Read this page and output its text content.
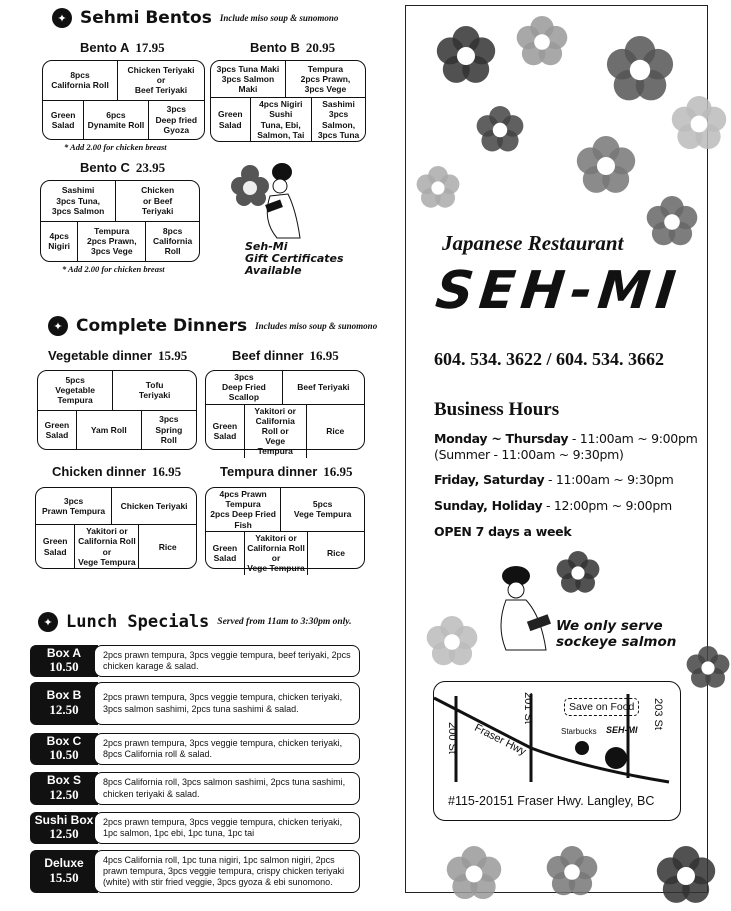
✦ Sehmi Bentos Include miso soup & sunomono
Bento A 17.95
8pcs
California Roll
Chicken Teriyaki
or
Beef Teriyaki
Green
Salad
6pcs
Dynamite Roll
3pcs
Deep fried
Gyoza
* Add 2.00 for chicken breast
Bento B 20.95
3pcs Tuna Maki
3pcs Salmon Maki
Tempura
2pcs Prawn,
3pcs Vege
Green
Salad
4pcs Nigiri Sushi
Tuna, Ebi,
Salmon, Tai
Sashimi
3pcs Salmon,
3pcs Tuna
Bento C 23.95
Sashimi
3pcs Tuna,
3pcs Salmon
Chicken
or Beef
Teriyaki
4pcs
Nigiri
Tempura
2pcs Prawn,
3pcs Vege
8pcs
California
Roll
* Add 2.00 for chicken breast
Seh-Mi
Gift Certificates
Available
✦ Complete Dinners Includes miso soup & sunomono
Vegetable dinner 15.95
5pcs
Vegetable
Tempura
Tofu
Teriyaki
Green
Salad
Yam Roll
3pcs
Spring
Roll
Beef dinner 16.95
3pcs
Deep Fried
Scallop
Beef Teriyaki
Green
Salad
Yakitori or
California Roll or
Vege Tempura
Rice
Chicken dinner 16.95
3pcs
Prawn Tempura
Chicken Teriyaki
Green
Salad
Yakitori or
California Roll or
Vege Tempura
Rice
Tempura dinner 16.95
4pcs Prawn Tempura
2pcs Deep Fried Fish
5pcs
Vege Tempura
Green
Salad
Yakitori or
California Roll or
Vege Tempura
Rice
✦ Lunch Specials Served from 11am to 3:30pm only.
Box A
10.50
2pcs prawn tempura, 3pcs veggie tempura, beef teriyaki, 2pcs chicken karage & salad.
Box B
12.50
2pcs prawn tempura, 3pcs veggie tempura, chicken teriyaki, 3pcs salmon sashimi, 2pcs tuna sashimi & salad.
Box C
10.50
2pcs prawn tempura, 3pcs veggie tempura, chicken teriyaki, 8pcs California roll & salad.
Box S
12.50
8pcs California roll, 3pcs salmon sashimi, 2pcs tuna sashimi, chicken teriyaki & salad.
Sushi Box
12.50
2pcs prawn tempura, 3pcs veggie tempura, chicken teriyaki, 1pc salmon, 1pc ebi, 1pc tuna, 1pc tai
Deluxe
15.50
4pcs California roll, 1pc tuna nigiri, 1pc salmon nigiri, 2pcs prawn tempura, 3pcs veggie tempura, crispy chicken teriyaki (white) with stir fried veggie, 3pcs gyoza & ebi sunomono.
Japanese Restaurant
SEH-MI
604. 534. 3622 / 604. 534. 3662
Business Hours
Monday ~ Thursday - 11:00am ~ 9:00pm
(Summer - 11:00am ~ 9:30pm)
Friday, Saturday - 11:00am ~ 9:30pm
Sunday, Holiday - 12:00pm ~ 9:00pm
OPEN 7 days a week
We only serve
sockeye salmon
200 St
201 St	203 St
Fraser Hwy
Save on Food
Starbucks SEH-MI
#115-20151 Fraser Hwy. Langley, BC
